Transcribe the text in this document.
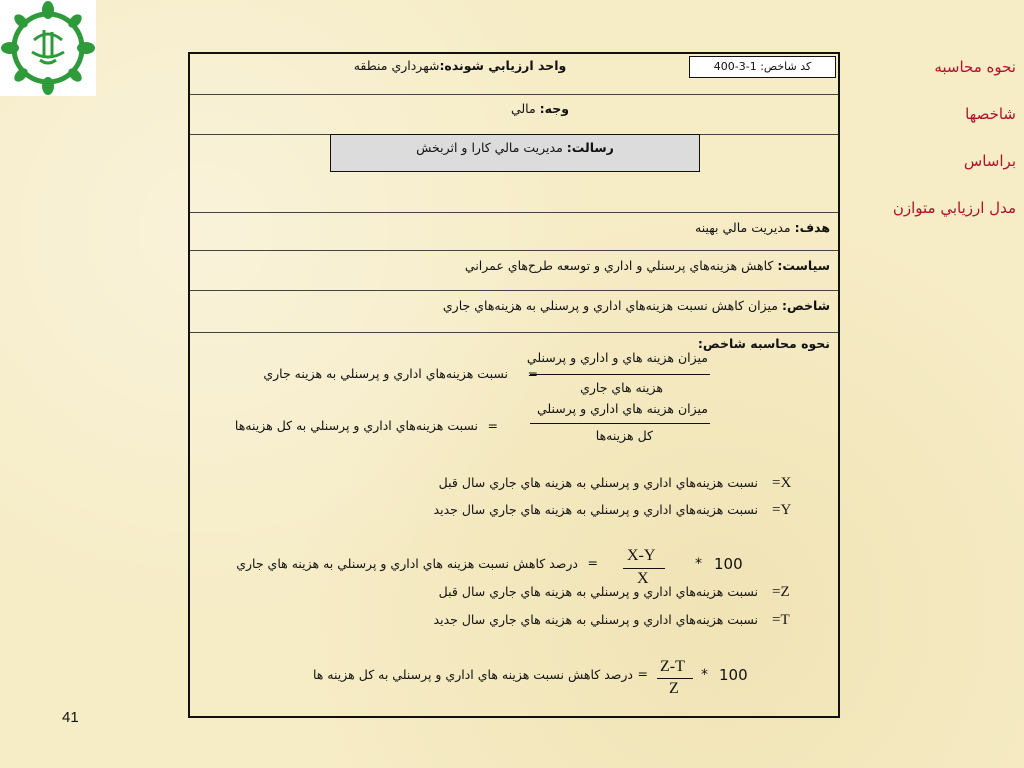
نحوه محاسبه
شاخصها
براساس
مدل ارزيابي متوازن
41
كد شاخص: 1-3-400
واحد ارزيابي شونده:شهرداري منطقه
وجه: مالي
رسالت: مديريت مالي كارا و اثربخش
هدف: مديريت مالي بهينه
سياست: كاهش هزينه‌هاي پرسنلي و اداري و توسعه طرح‌هاي عمراني
شاخص: ميزان كاهش نسبت هزينه‌هاي اداري و پرسنلي به هزينه‌هاي جاري
نحوه محاسبه شاخص:
نسبت هزينه‌هاي اداري و پرسنلي به هزينه جاري =
ميزان هزينه هاي و اداري و پرسنلي
هزينه هاي جاري
نسبت هزينه‌هاي اداري و پرسنلي به كل هزينه‌ها =
ميزان هزينه هاي اداري و پرسنلي
كل هزينه‌ها
=X
نسبت هزينه‌هاي اداري و پرسنلي به هزينه هاي جاري سال قبل
=Y
نسبت هزينه‌هاي اداري و پرسنلي به هزينه هاي جاري سال جديد
درصد كاهش نسبت هزينه هاي اداري و پرسنلي به هزينه هاي جاري = X-Y
X
* 100
=Z
نسبت هزينه‌هاي اداري و پرسنلي به هزينه هاي جاري سال قبل
=T
نسبت هزينه‌هاي اداري و پرسنلي به هزينه هاي جاري سال جديد
درصد كاهش نسبت هزينه هاي اداري و پرسنلي به كل هزينه ها = Z-T
Z
* 100
